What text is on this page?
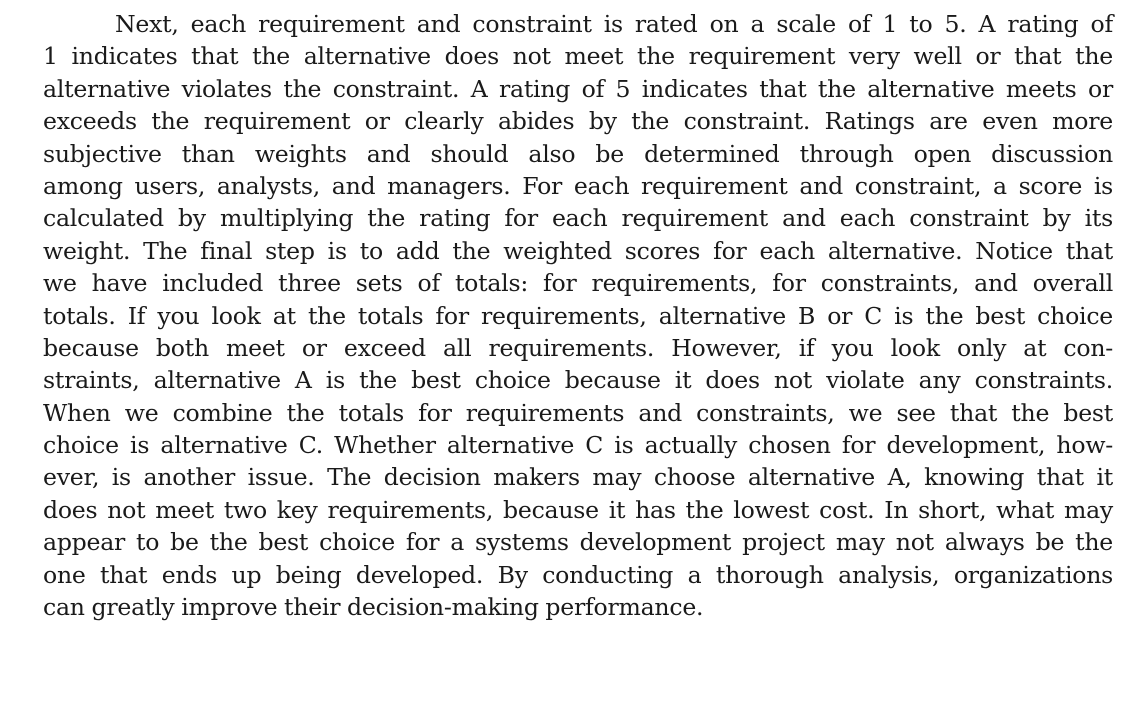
Next, each requirement and constraint is rated on a scale of 1 to 5. A rating of
1 indicates that the alternative does not meet the requirement very well or that the
alternative violates the constraint. A rating of 5 indicates that the alternative meets or
exceeds the requirement or clearly abides by the constraint. Ratings are even more
subjective than weights and should also be determined through open discussion
among users, analysts, and managers. For each requirement and constraint, a score is
calculated by multiplying the rating for each requirement and each constraint by its
weight. The final step is to add the weighted scores for each alternative. Notice that
we have included three sets of totals: for requirements, for constraints, and overall
totals. If you look at the totals for requirements, alternative B or C is the best choice
because both meet or exceed all requirements. However, if you look only at con-
straints, alternative A is the best choice because it does not violate any constraints.
When we combine the totals for requirements and constraints, we see that the best
choice is alternative C. Whether alternative C is actually chosen for development, how-
ever, is another issue. The decision makers may choose alternative A, knowing that it
does not meet two key requirements, because it has the lowest cost. In short, what may
appear to be the best choice for a systems development project may not always be the
one that ends up being developed. By conducting a thorough analysis, organizations
can greatly improve their decision-making performance.
